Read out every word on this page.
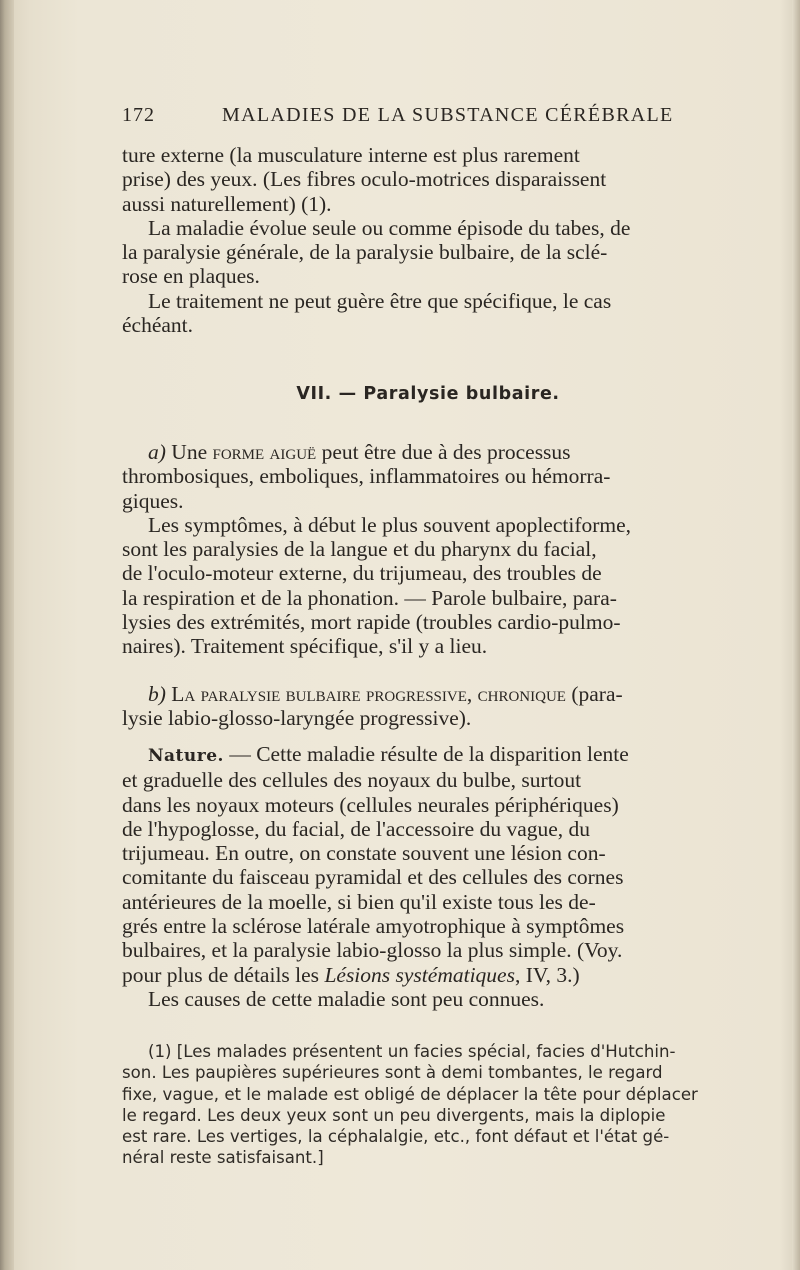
172	MALADIES DE LA SUBSTANCE CÉRÉBRALE

ture externe (la musculature interne est plus rarement
prise) des yeux. (Les fibres oculo-motrices disparaissent
aussi naturellement) (1).

La maladie évolue seule ou comme épisode du tabes, de
la paralysie générale, de la paralysie bulbaire, de la sclé-
rose en plaques.

Le traitement ne peut guère être que spécifique, le cas
échéant.

VII. — Paralysie bulbaire.

a) Une forme aiguë peut être due à des processus
thrombosiques, emboliques, inflammatoires ou hémorra-
giques.

Les symptômes, à début le plus souvent apoplectiforme,
sont les paralysies de la langue et du pharynx du facial,
de l'oculo-moteur externe, du trijumeau, des troubles de
la respiration et de la phonation. — Parole bulbaire, para-
lysies des extrémités, mort rapide (troubles cardio-pulmo-
naires). Traitement spécifique, s'il y a lieu.

b) La paralysie bulbaire progressive, chronique (para-
lysie labio-glosso-laryngée progressive).

Nature. — Cette maladie résulte de la disparition lente
et graduelle des cellules des noyaux du bulbe, surtout
dans les noyaux moteurs (cellules neurales périphériques)
de l'hypoglosse, du facial, de l'accessoire du vague, du
trijumeau. En outre, on constate souvent une lésion con-
comitante du faisceau pyramidal et des cellules des cornes
antérieures de la moelle, si bien qu'il existe tous les de-
grés entre la sclérose latérale amyotrophique à symptômes
bulbaires, et la paralysie labio-glosso la plus simple. (Voy.
pour plus de détails les Lésions systématiques, IV, 3.)

Les causes de cette maladie sont peu connues.

(1) [Les malades présentent un facies spécial, facies d'Hutchin-
son. Les paupières supérieures sont à demi tombantes, le regard
fixe, vague, et le malade est obligé de déplacer la tête pour déplacer
le regard. Les deux yeux sont un peu divergents, mais la diplopie
est rare. Les vertiges, la céphalalgie, etc., font défaut et l'état gé-
néral reste satisfaisant.]
